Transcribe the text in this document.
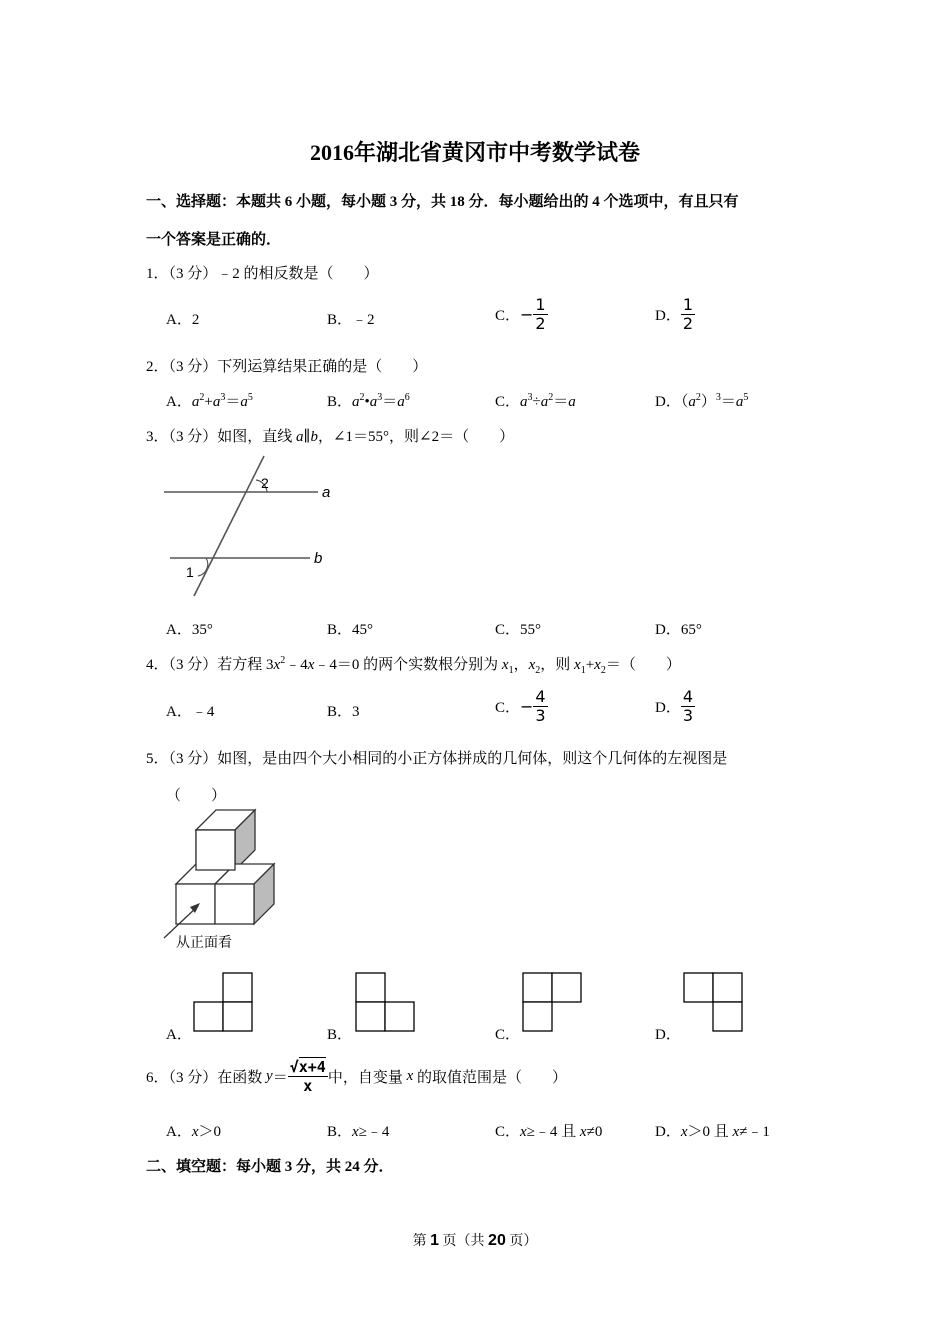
2016年湖北省黄冈市中考数学试卷
一、选择题：本题共 6 小题，每小题 3 分，共 18 分．每小题给出的 4 个选项中，有且只有
一个答案是正确的．
1．（3 分）﹣2 的相反数是（　　）
A．2	B．﹣2	C．− $\frac{1}{2}$	D． $\frac{1}{2}$
2．（3 分）下列运算结果正确的是（　　）
A．$a^2+a^3=a^5$	B．$a^2•a^3=a^6$	C．$a^3\div a^2=a$	D．$(a^2)^3=a^5$
3．（3 分）如图，直线 a∥b，∠1＝55°，则∠2＝（　　）
2
1
a
b
A．35°	B．45°	C．55°	D．65°
4．（3 分）若方程 $3x^2﹣4x﹣4=0$ 的两个实数根分别为 $x_1$，$x_2$，则 $x_1+x_2=$（　　）
A．﹣4	B．3	C．− $\frac{4}{3}$	D． $\frac{4}{3}$
5．（3 分）如图，是由四个大小相同的小正方体拼成的几何体，则这个几何体的左视图是
（　　）
从正面看
A．	B．	C．	D．
6．（3 分）在函数 $y= \frac{√x+4}{x}$ 中，自变量 x 的取值范围是（　　）
A．x＞0	B．x≥﹣4	C．x≥﹣4 且 x≠0	D．x＞0 且 x≠﹣1
二、填空题：每小题 3 分，共 24 分．
第 1 页（共 20 页）
